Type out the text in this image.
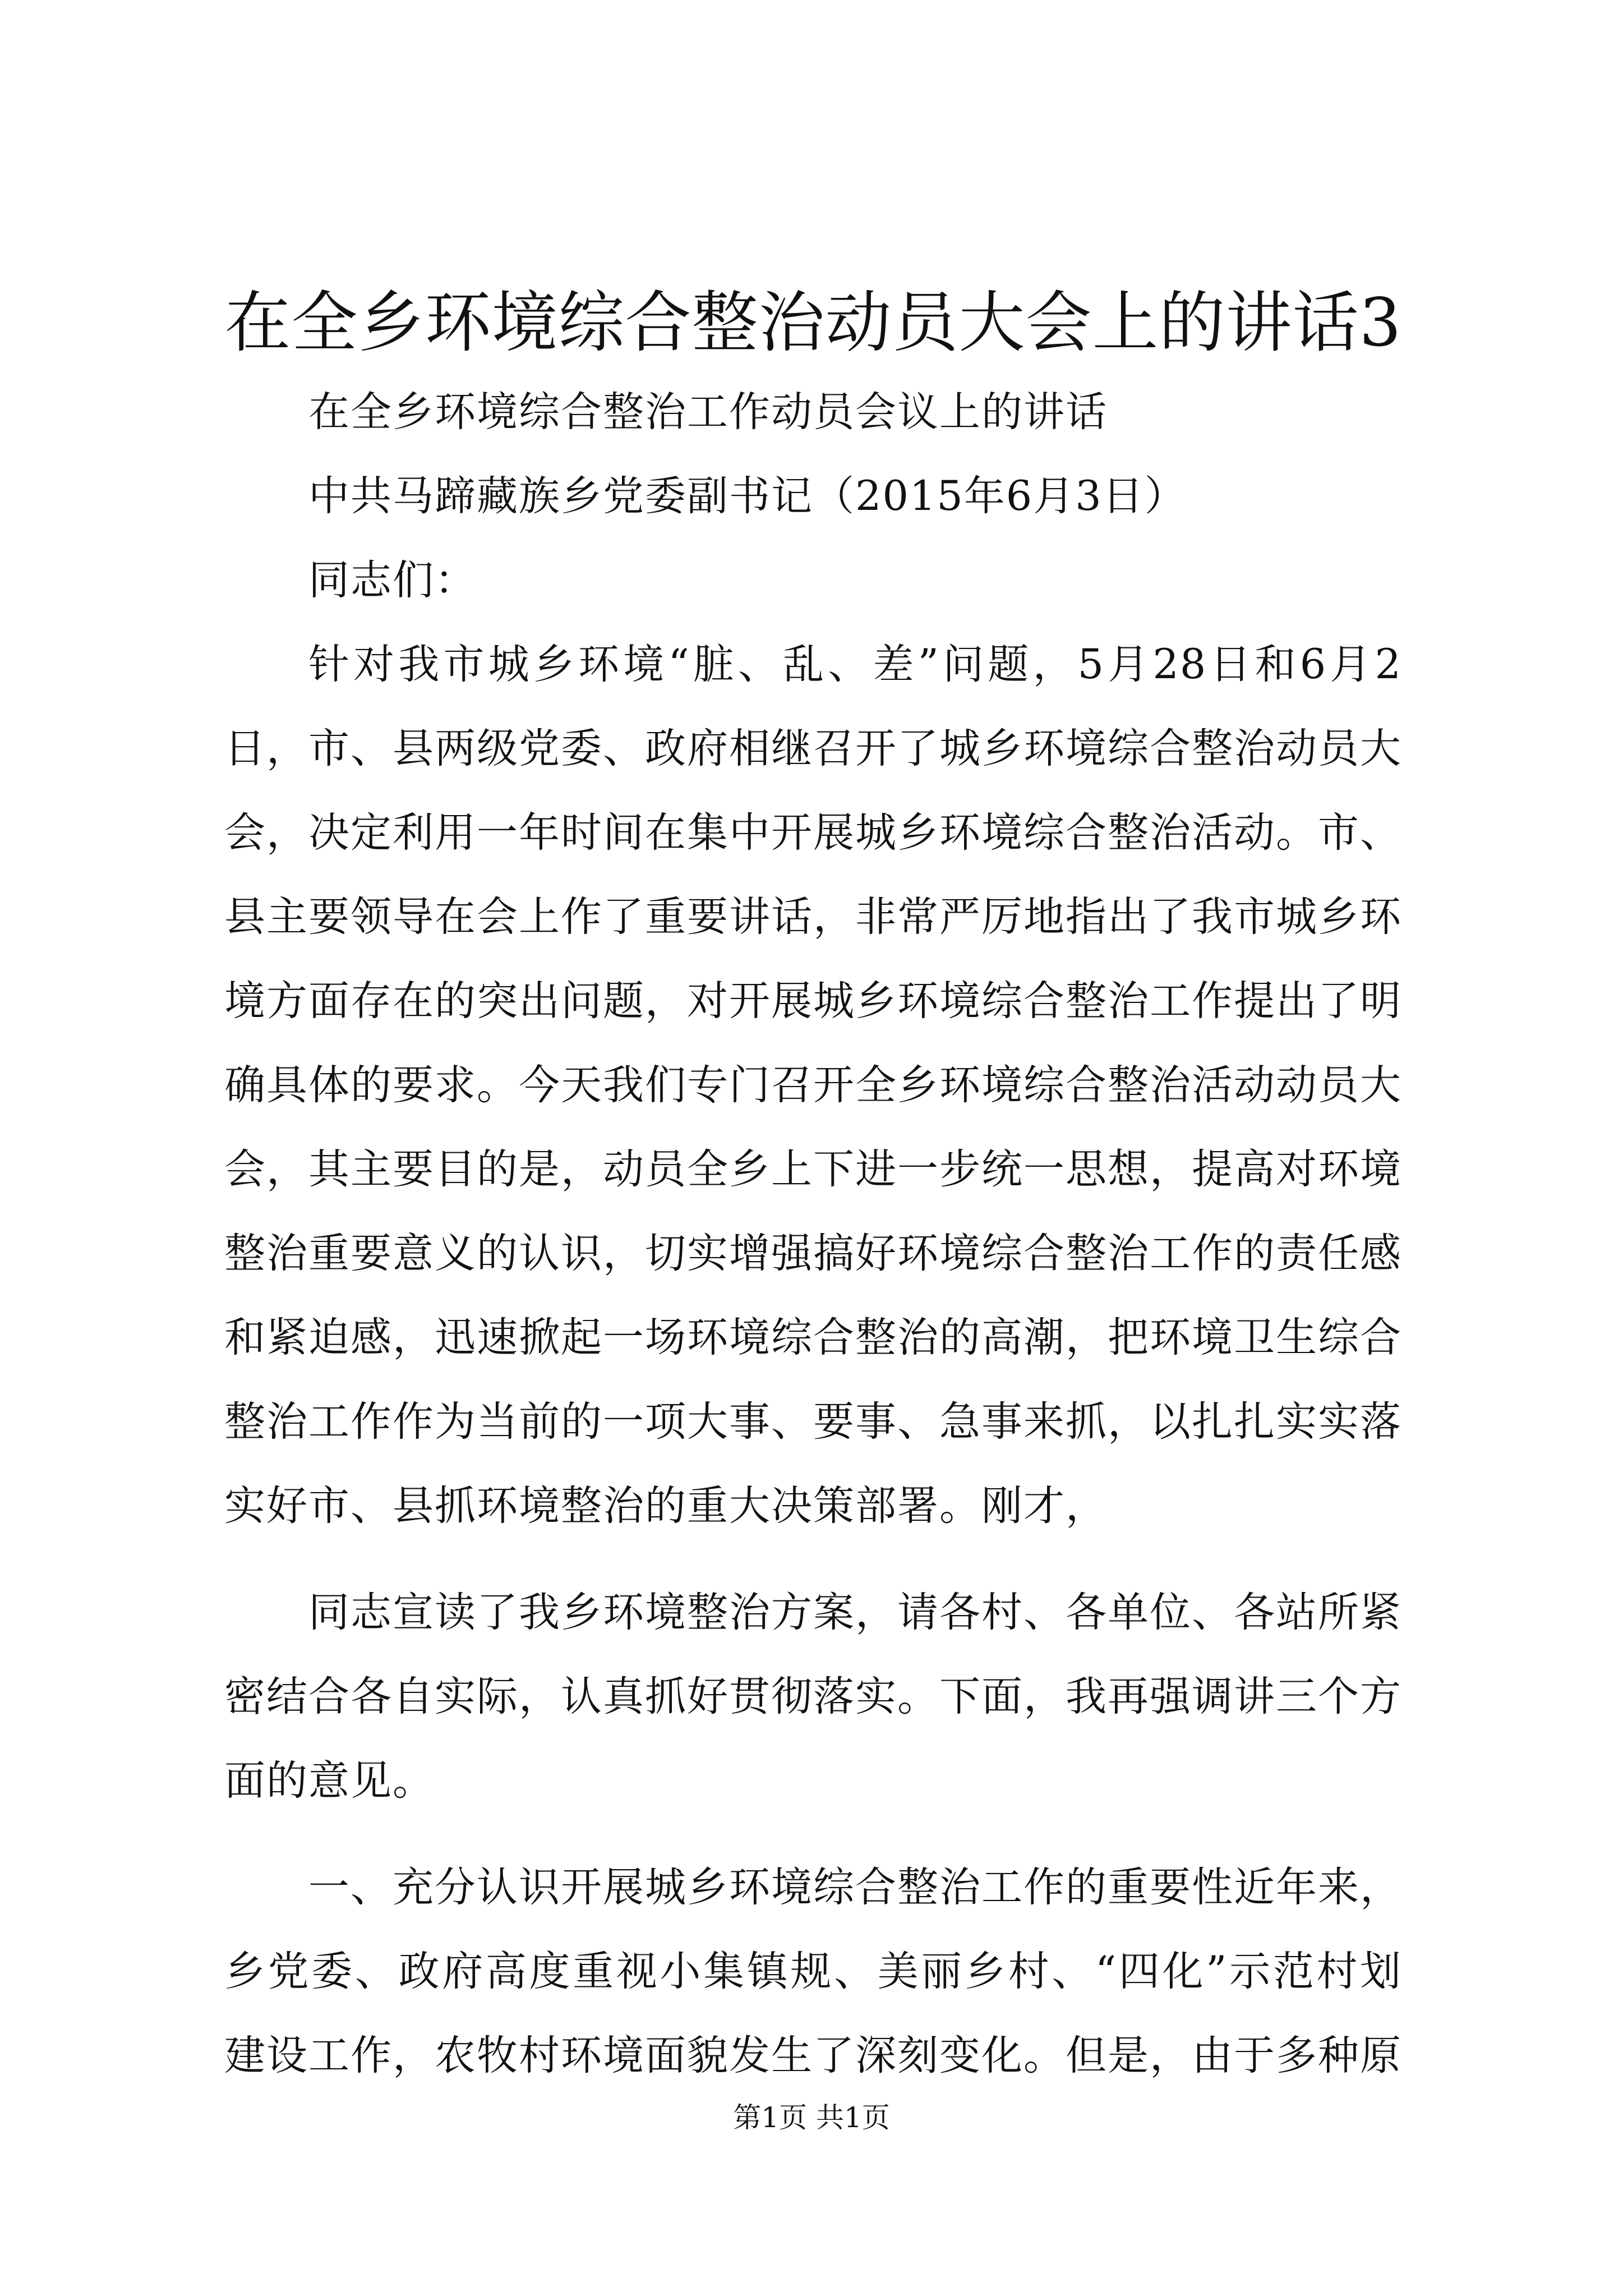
在全乡环境综合整治动员大会上的讲话3

在全乡环境综合整治工作动员会议上的讲话

中共马蹄藏族乡党委副书记（2015年6月3日）

同志们：

针对我市城乡环境“脏、乱、差”问题，5月28日和6月2日，市、县两级党委、政府相继召开了城乡环境综合整治动员大会，决定利用一年时间在集中开展城乡环境综合整治活动。市、县主要领导在会上作了重要讲话，非常严厉地指出了我市城乡环境方面存在的突出问题，对开展城乡环境综合整治工作提出了明确具体的要求。今天我们专门召开全乡环境综合整治活动动员大会，其主要目的是，动员全乡上下进一步统一思想，提高对环境整治重要意义的认识，切实增强搞好环境综合整治工作的责任感和紧迫感，迅速掀起一场环境综合整治的高潮，把环境卫生综合整治工作作为当前的一项大事、要事、急事来抓，以扎扎实实落实好市、县抓环境整治的重大决策部署。刚才，

同志宣读了我乡环境整治方案，请各村、各单位、各站所紧密结合各自实际，认真抓好贯彻落实。下面，我再强调讲三个方面的意见。

一、充分认识开展城乡环境综合整治工作的重要性近年来，乡党委、政府高度重视小集镇规、美丽乡村、“四化”示范村划建设工作，农牧村环境面貌发生了深刻变化。但是，由于多种原

第1页 共1页
